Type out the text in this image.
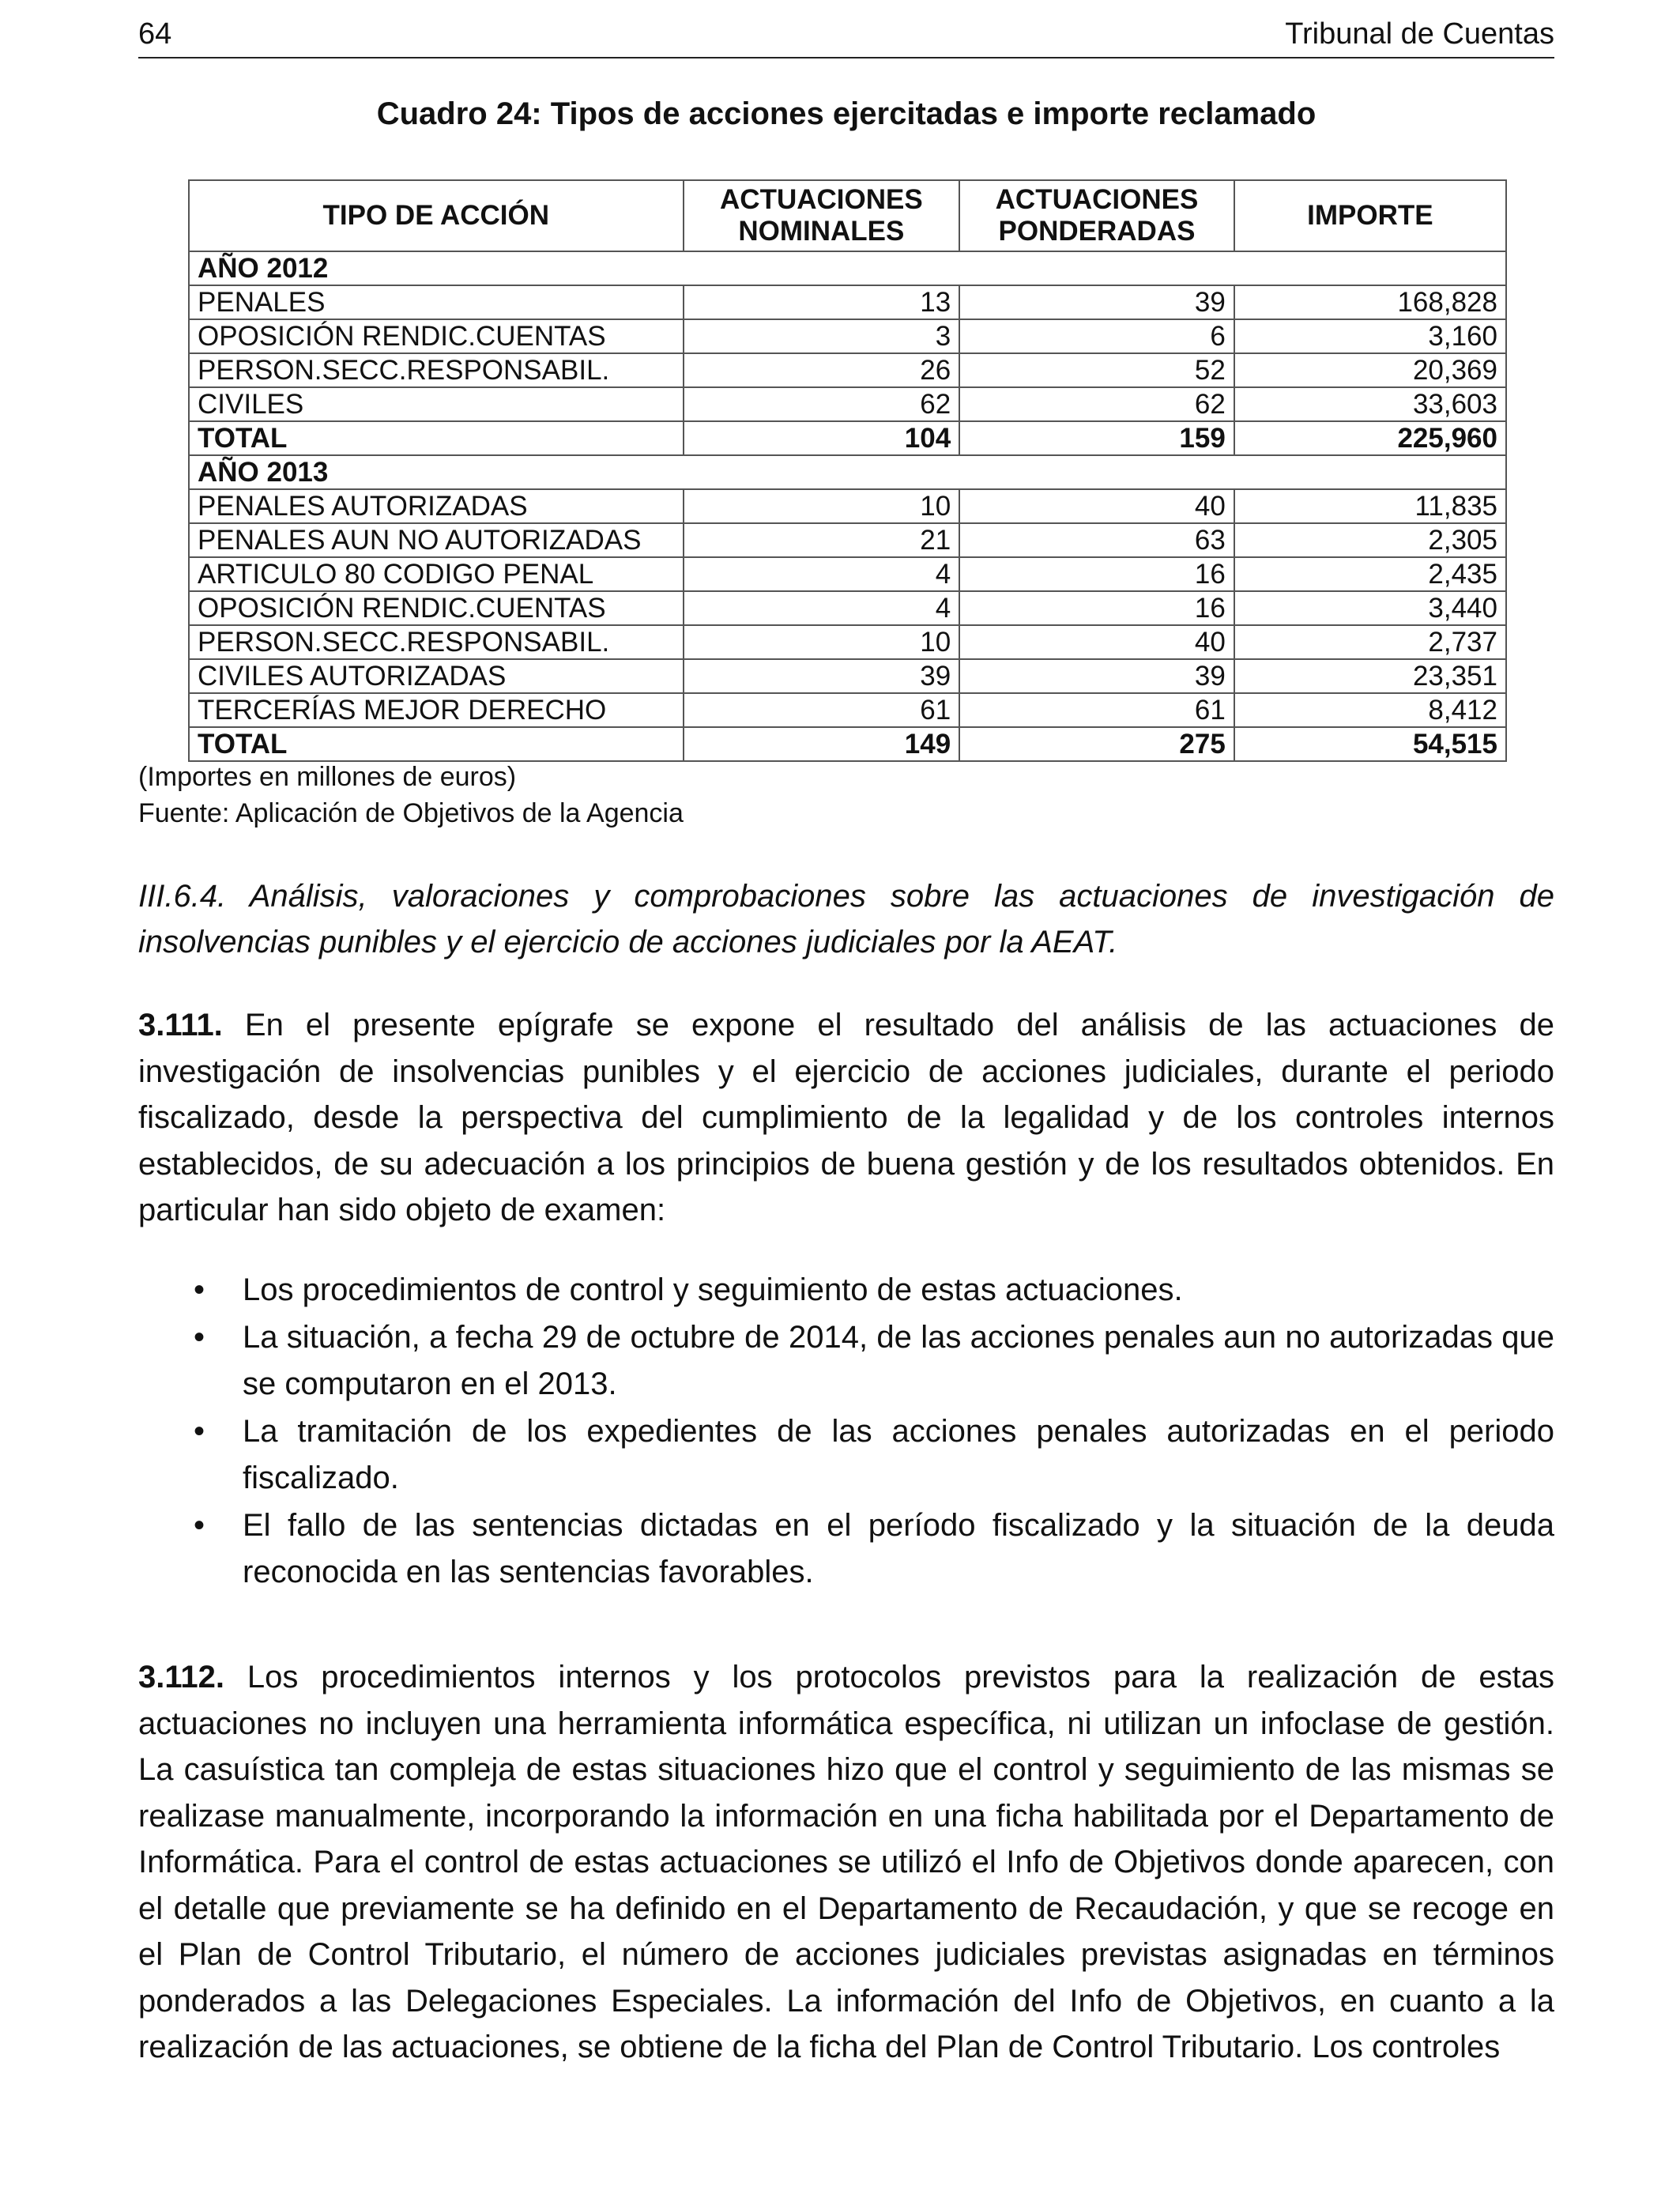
64	Tribunal de Cuentas
Cuadro 24: Tipos de acciones ejercitadas e importe reclamado
TIPO DE ACCIÓN	ACTUACIONES NOMINALES	ACTUACIONES PONDERADAS	IMPORTE
AÑO 2012			
PENALES	13	39	168,828
OPOSICIÓN RENDIC.CUENTAS	3	6	3,160
PERSON.SECC.RESPONSABIL.	26	52	20,369
CIVILES	62	62	33,603
TOTAL	104	159	225,960
AÑO 2013			
PENALES AUTORIZADAS	10	40	11,835
PENALES AUN NO AUTORIZADAS	21	63	2,305
ARTICULO 80 CODIGO PENAL	4	16	2,435
OPOSICIÓN RENDIC.CUENTAS	4	16	3,440
PERSON.SECC.RESPONSABIL.	10	40	2,737
CIVILES AUTORIZADAS	39	39	23,351
TERCERÍAS MEJOR DERECHO	61	61	8,412
TOTAL	149	275	54,515
(Importes en millones de euros)
Fuente: Aplicación de Objetivos de la Agencia
III.6.4. Análisis, valoraciones y comprobaciones sobre las actuaciones de investigación de insolvencias punibles y el ejercicio de acciones judiciales por la AEAT.
3.111. En el presente epígrafe se expone el resultado del análisis de las actuaciones de investigación de insolvencias punibles y el ejercicio de acciones judiciales, durante el periodo fiscalizado, desde la perspectiva del cumplimiento de la legalidad y de los controles internos establecidos, de su adecuación a los principios de buena gestión y de los resultados obtenidos. En particular han sido objeto de examen:
• Los procedimientos de control y seguimiento de estas actuaciones.
• La situación, a fecha 29 de octubre de 2014, de las acciones penales aun no autorizadas que se computaron en el 2013.
• La tramitación de los expedientes de las acciones penales autorizadas en el periodo fiscalizado.
• El fallo de las sentencias dictadas en el período fiscalizado y la situación de la deuda reconocida en las sentencias favorables.
3.112. Los procedimientos internos y los protocolos previstos para la realización de estas actuaciones no incluyen una herramienta informática específica, ni utilizan un infoclase de gestión. La casuística tan compleja de estas situaciones hizo que el control y seguimiento de las mismas se realizase manualmente, incorporando la información en una ficha habilitada por el Departamento de Informática. Para el control de estas actuaciones se utilizó el Info de Objetivos donde aparecen, con el detalle que previamente se ha definido en el Departamento de Recaudación, y que se recoge en el Plan de Control Tributario, el número de acciones judiciales previstas asignadas en términos ponderados a las Delegaciones Especiales. La información del Info de Objetivos, en cuanto a la realización de las actuaciones, se obtiene de la ficha del Plan de Control Tributario. Los controles
